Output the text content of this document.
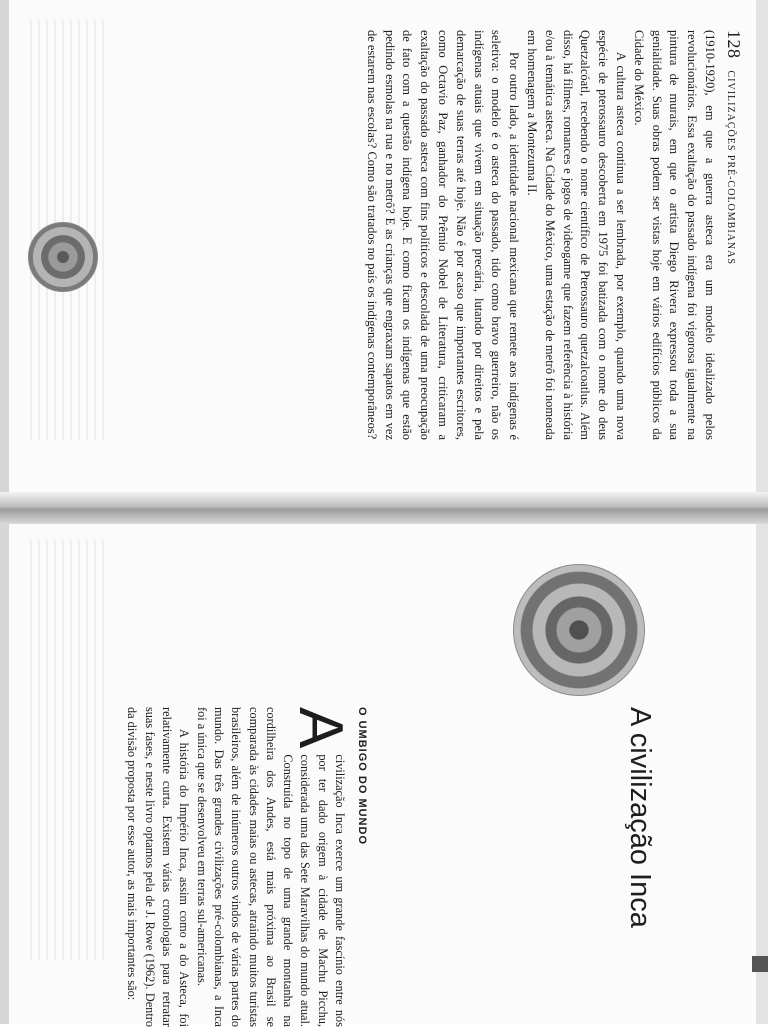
128 CIVILIZAÇÕES PRÉ-COLOMBIANAS

(1910-1920), em que a guerra asteca era um modelo idealizado pelos revolucionários. Essa exaltação do passado indígena foi vigorosa igualmente na pintura de murais, em que o artista Diego Rivera expressou toda a sua genialidade. Suas obras podem ser vistas hoje em vários edifícios públicos da Cidade do México.

A cultura asteca continua a ser lembrada, por exemplo, quando uma nova espécie de pterossauro descoberta em 1975 foi batizada com o nome do deus Quetzalcóatl, recebendo o nome científico de Pterossauro quetzalcoatlus. Além disso, há filmes, romances e jogos de videogame que fazem referência à história e/ou à temática asteca. Na Cidade do México, uma estação de metrô foi nomeada em homenagem a Montezuma II.

Por outro lado, a identidade nacional mexicana que remete aos indígenas é seletiva: o modelo é o asteca do passado, tido como bravo guerreiro, não os indígenas atuais que vivem em situação precária, lutando por direitos e pela demarcação de suas terras até hoje. Não é por acaso que importantes escritores, como Octavio Paz, ganhador do Prêmio Nobel de Literatura, criticaram a exaltação do passado asteca com fins políticos e descolada de uma preocupação de fato com a questão indígena hoje. E como ficam os indígenas que estão pedindo esmolas na rua e no metrô? E as crianças que engraxam sapatos em vez de estarem nas escolas? Como são tratados no país os indígenas contemporâneos?

A civilização Inca
O UMBIGO DO MUNDO

A
civilização Inca exerce um grande fascínio entre nós por ter dado origem à cidade de Machu Picchu, considerada uma das Sete Maravilhas do mundo atual. Construída no topo de uma grande montanha na cordilheira dos Andes, está mais próxima ao Brasil se comparada às cidades maias ou astecas, atraindo muitos turistas brasileiros, além de inúmeros outros vindos de várias partes do mundo. Das três grandes civilizações pré-colombianas, a Inca foi a única que se desenvolveu em terras sul-americanas.

A história do Império Inca, assim como a do Asteca, foi relativamente curta. Existem várias cronologias para retratar suas fases, e neste livro optamos pela de J. Rowe (1962). Dentro da divisão proposta por esse autor, as mais importantes são:
